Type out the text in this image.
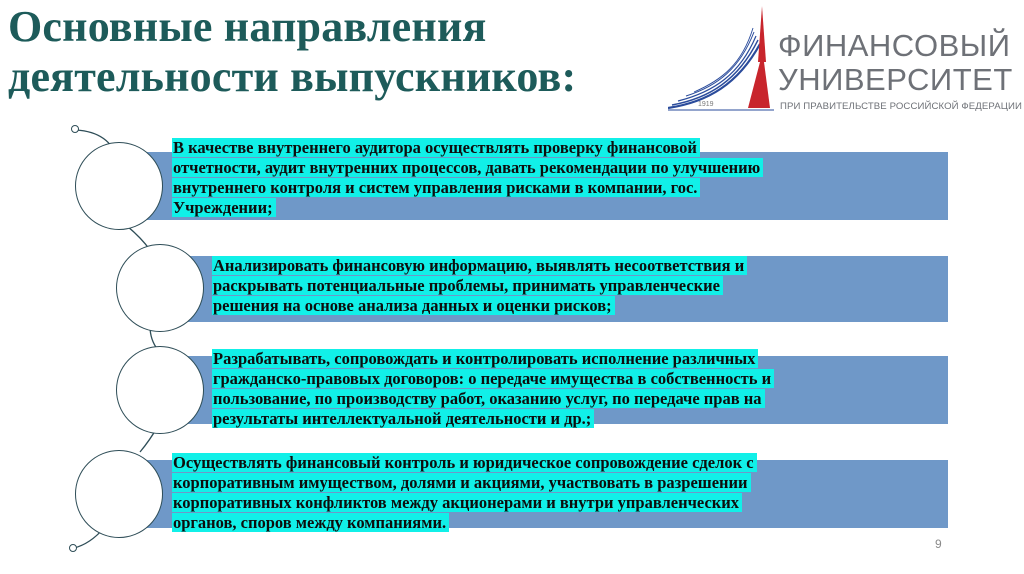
Основные направления
деятельности выпускников:
1919
ФИНАНСОВЫЙ
УНИВЕРСИТЕТ
ПРИ ПРАВИТЕЛЬСТВЕ РОССИЙСКОЙ ФЕДЕРАЦИИ
В качестве внутреннего аудитора осуществлять проверку финансовой
отчетности, аудит внутренних процессов, давать рекомендации по улучшению
внутреннего контроля и систем управления рисками в компании, гос.
Учреждении;
Анализировать финансовую информацию, выявлять несоответствия и
раскрывать потенциальные проблемы, принимать управленческие
решения на основе анализа данных и оценки рисков;
Разрабатывать, сопровождать и контролировать исполнение различных
гражданско-правовых договоров: о передаче имущества в собственность и
пользование, по производству работ, оказанию услуг, по передаче прав на
результаты интеллектуальной деятельности и др.;
Осуществлять финансовый контроль и юридическое сопровождение сделок с
корпоративным имуществом, долями и акциями, участвовать в разрешении
корпоративных конфликтов между акционерами и внутри управленческих
органов, споров между компаниями.
9
